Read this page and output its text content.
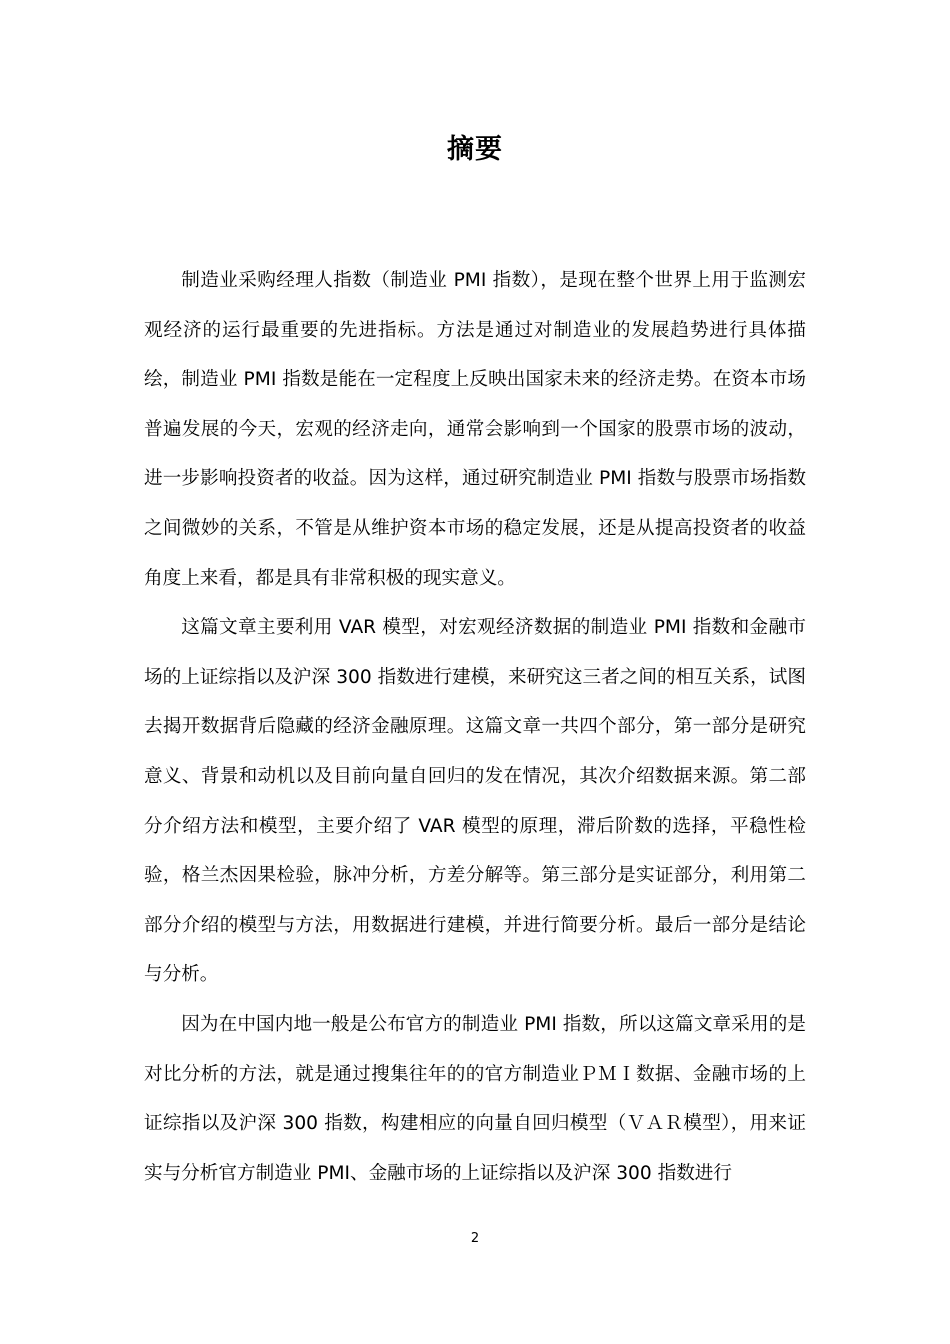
摘要

制造业采购经理人指数（制造业 PMI 指数），是现在整个世界上用于监测宏观经济的运行最重要的先进指标。方法是通过对制造业的发展趋势进行具体描绘，制造业 PMI 指数是能在一定程度上反映出国家未来的经济走势。在资本市场普遍发展的今天，宏观的经济走向，通常会影响到一个国家的股票市场的波动，进一步影响投资者的收益。因为这样，通过研究制造业 PMI 指数与股票市场指数之间微妙的关系，不管是从维护资本市场的稳定发展，还是从提高投资者的收益角度上来看，都是具有非常积极的现实意义。

这篇文章主要利用 VAR 模型，对宏观经济数据的制造业 PMI 指数和金融市场的上证综指以及沪深 300 指数进行建模，来研究这三者之间的相互关系，试图去揭开数据背后隐藏的经济金融原理。这篇文章一共四个部分，第一部分是研究意义、背景和动机以及目前向量自回归的发在情况，其次介绍数据来源。第二部分介绍方法和模型，主要介绍了 VAR 模型的原理，滞后阶数的选择，平稳性检验，格兰杰因果检验，脉冲分析，方差分解等。第三部分是实证部分，利用第二部分介绍的模型与方法，用数据进行建模，并进行简要分析。最后一部分是结论与分析。

因为在中国内地一般是公布官方的制造业 PMI 指数，所以这篇文章采用的是对比分析的方法，就是通过搜集往年的的官方制造业ＰＭＩ数据、金融市场的上证综指以及沪深 300 指数，构建相应的向量自回归模型（ＶＡＲ模型），用来证实与分析官方制造业 PMI、金融市场的上证综指以及沪深 300 指数进行

2
